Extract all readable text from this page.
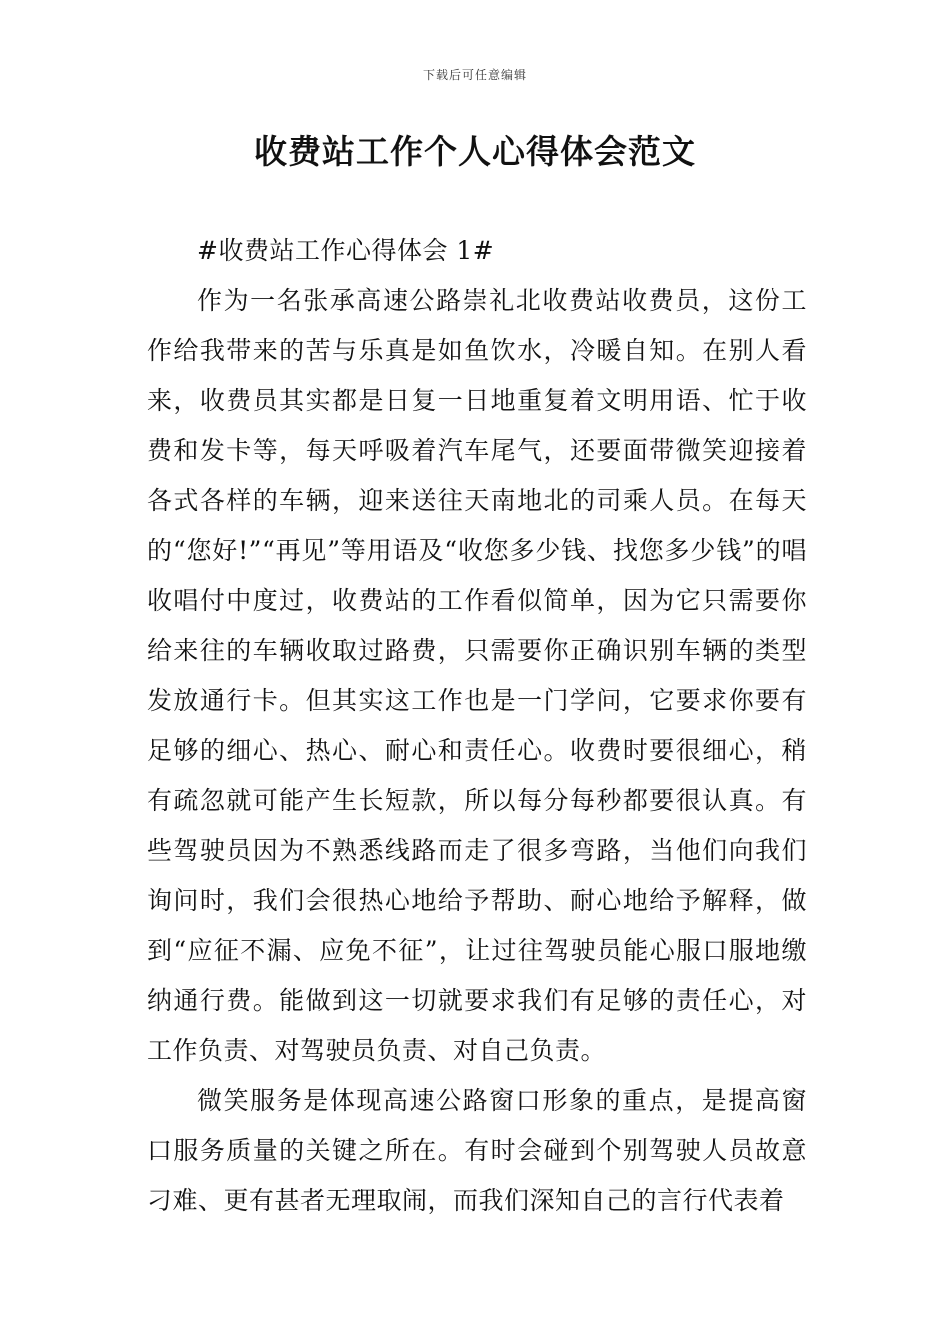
下载后可任意编辑
收费站工作个人心得体会范文

#收费站工作心得体会 1#

作为一名张承高速公路崇礼北收费站收费员，这份工作给我带来的苦与乐真是如鱼饮水，冷暖自知。在别人看来，收费员其实都是日复一日地重复着文明用语、忙于收费和发卡等，每天呼吸着汽车尾气，还要面带微笑迎接着各式各样的车辆，迎来送往天南地北的司乘人员。在每天的“您好!”“再见”等用语及“收您多少钱、找您多少钱”的唱收唱付中度过，收费站的工作看似简单，因为它只需要你给来往的车辆收取过路费，只需要你正确识别车辆的类型发放通行卡。但其实这工作也是一门学问，它要求你要有足够的细心、热心、耐心和责任心。收费时要很细心，稍有疏忽就可能产生长短款，所以每分每秒都要很认真。有些驾驶员因为不熟悉线路而走了很多弯路，当他们向我们询问时，我们会很热心地给予帮助、耐心地给予解释，做到“应征不漏、应免不征”，让过往驾驶员能心服口服地缴纳通行费。能做到这一切就要求我们有足够的责任心，对工作负责、对驾驶员负责、对自己负责。

微笑服务是体现高速公路窗口形象的重点，是提高窗口服务质量的关键之所在。有时会碰到个别驾驶人员故意刁难、更有甚者无理取闹，而我们深知自己的言行代表着
